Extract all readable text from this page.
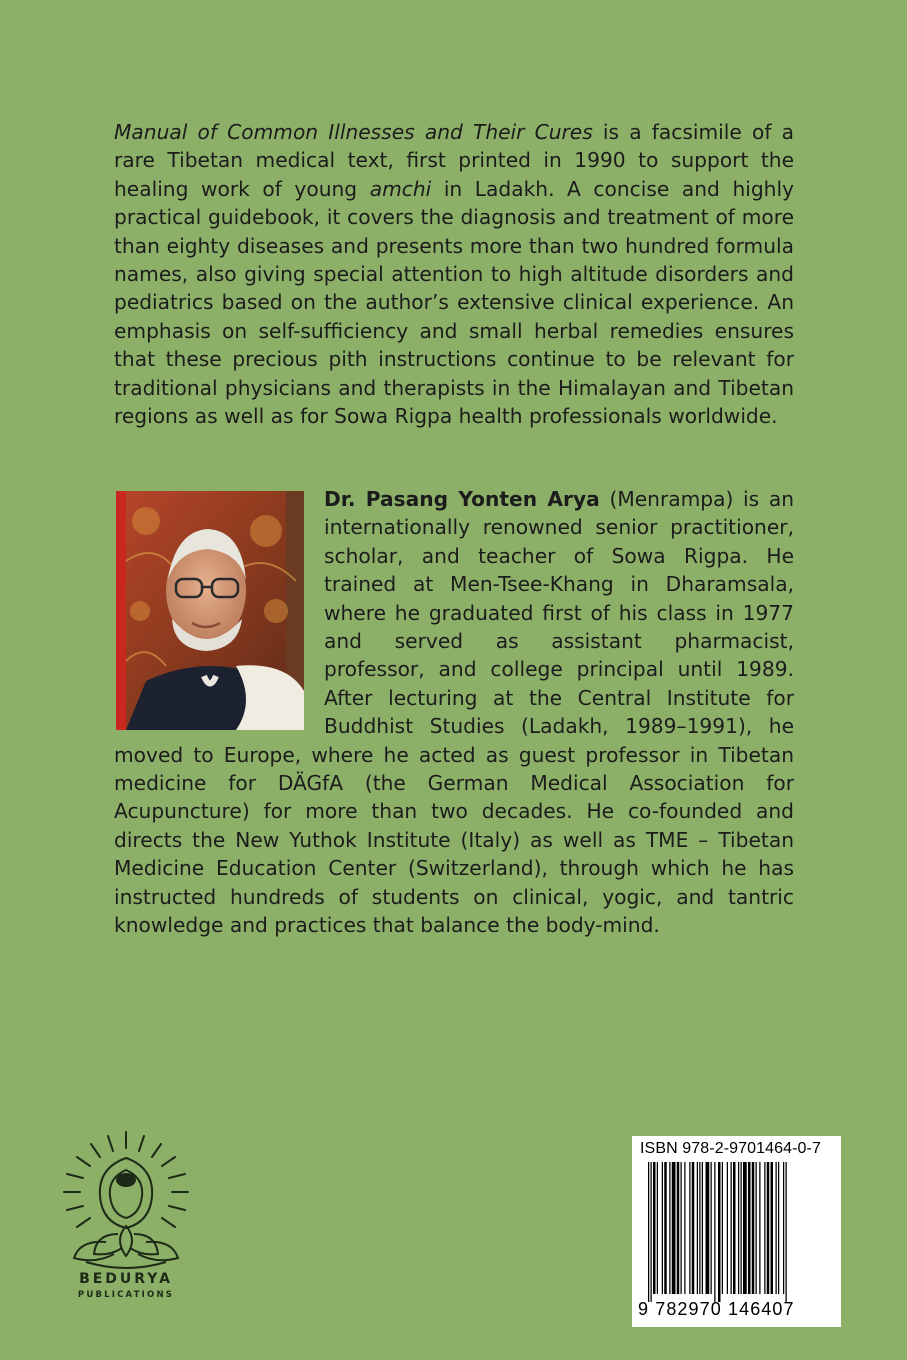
Manual of Common Illnesses and Their Cures is a facsimile of a rare Tibetan medical text, first printed in 1990 to support the healing work of young amchi in Ladakh. A concise and highly practical guidebook, it covers the diagnosis and treatment of more than eighty diseases and presents more than two hundred formula names, also giving special attention to high altitude disorders and pediatrics based on the author’s extensive clinical experience. An emphasis on self-sufficiency and small herbal remedies ensures that these precious pith instructions continue to be relevant for traditional physicians and therapists in the Himalayan and Tibetan regions as well as for Sowa Rigpa health professionals worldwide.

Dr. Pasang Yonten Arya (Menrampa) is an internationally renowned senior practitioner, scholar, and teacher of Sowa Rigpa. He trained at Men-Tsee-Khang in Dharamsala, where he graduated first of his class in 1977 and served as assistant pharmacist, professor, and college principal until 1989. After lecturing at the Central Institute for Buddhist Studies (Ladakh, 1989–1991), he moved to Europe, where he acted as guest professor in Tibetan medicine for DÄGfA (the German Medical Association for Acupuncture) for more than two decades. He co-founded and directs the New Yuthok Institute (Italy) as well as TME – Tibetan Medicine Education Center (Switzerland), through which he has instructed hundreds of students on clinical, yogic, and tantric knowledge and practices that balance the body-mind.
BEDURYA
PUBLICATIONS
ISBN 978-2-9701464-0-7
9 782970 146407
